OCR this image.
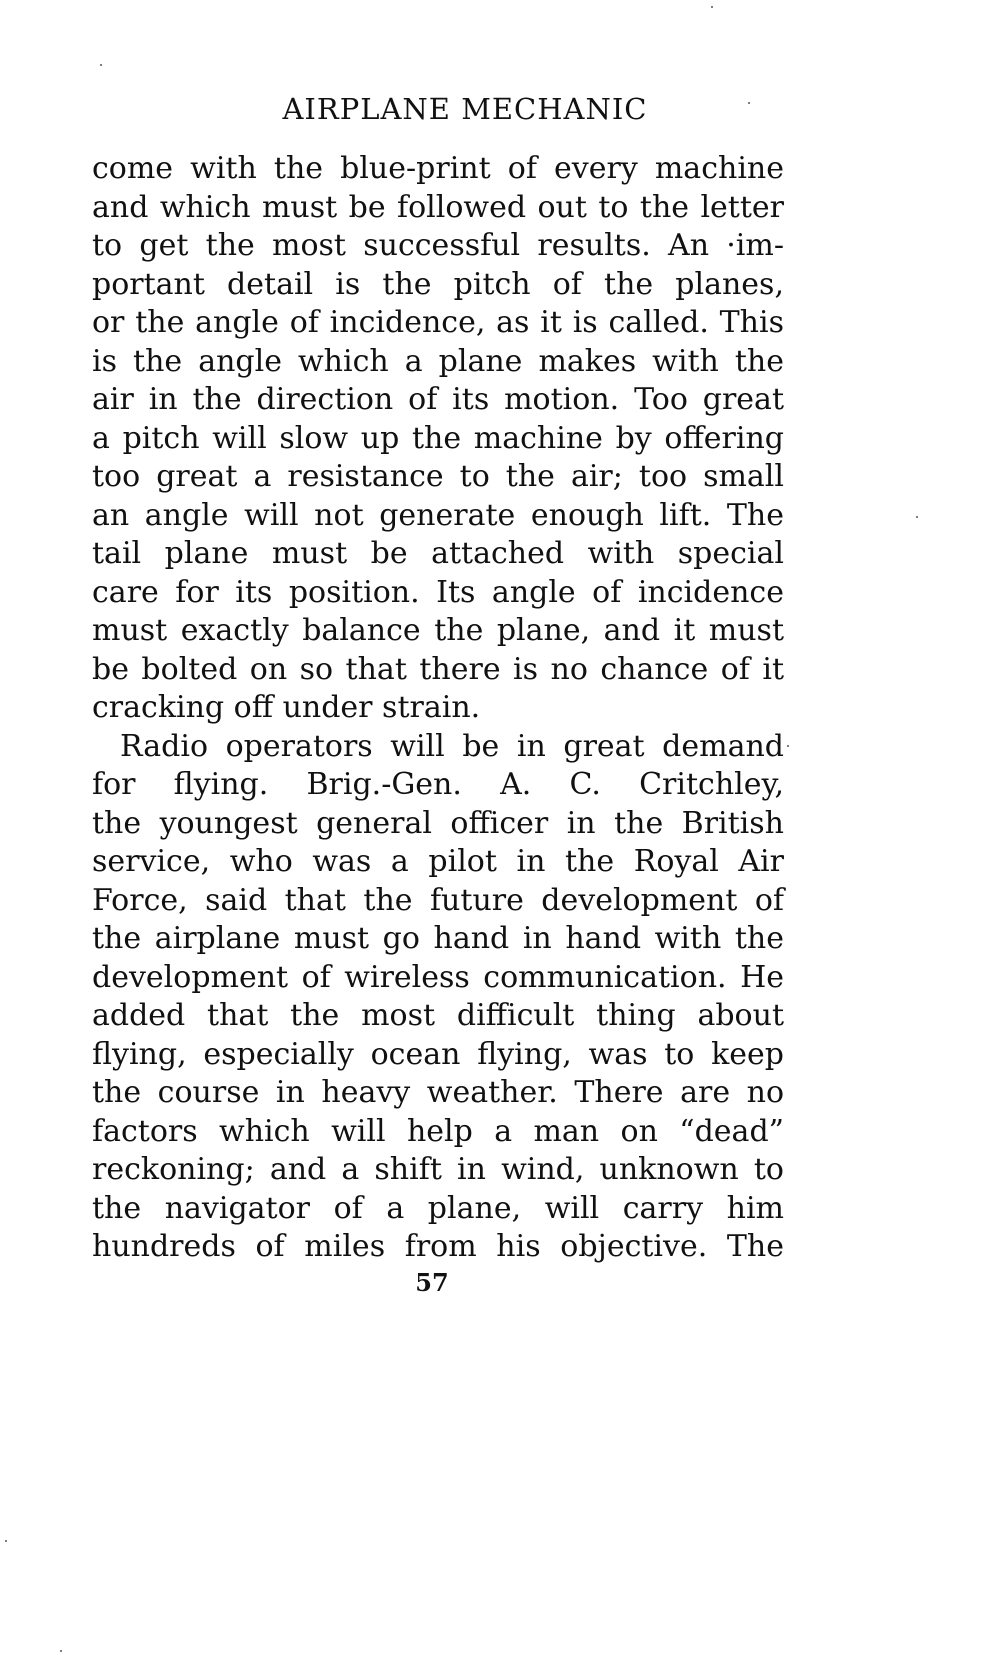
AIRPLANE MECHANIC
come with the blue-print of every machine
and which must be followed out to the letter
to get the most successful results. An ·im-
portant detail is the pitch of the planes,
or the angle of incidence, as it is called. This
is the angle which a plane makes with the
air in the direction of its motion. Too great
a pitch will slow up the machine by offering
too great a resistance to the air; too small
an angle will not generate enough lift. The
tail plane must be attached with special
care for its position. Its angle of incidence
must exactly balance the plane, and it must
be bolted on so that there is no chance of it
cracking off under strain.
Radio operators will be in great demand
for flying. Brig.-Gen. A. C. Critchley,
the youngest general officer in the British
service, who was a pilot in the Royal Air
Force, said that the future development of
the airplane must go hand in hand with the
development of wireless communication. He
added that the most difficult thing about
flying, especially ocean flying, was to keep
the course in heavy weather. There are no
factors which will help a man on “dead”
reckoning; and a shift in wind, unknown to
the navigator of a plane, will carry him
hundreds of miles from his objective. The
57
